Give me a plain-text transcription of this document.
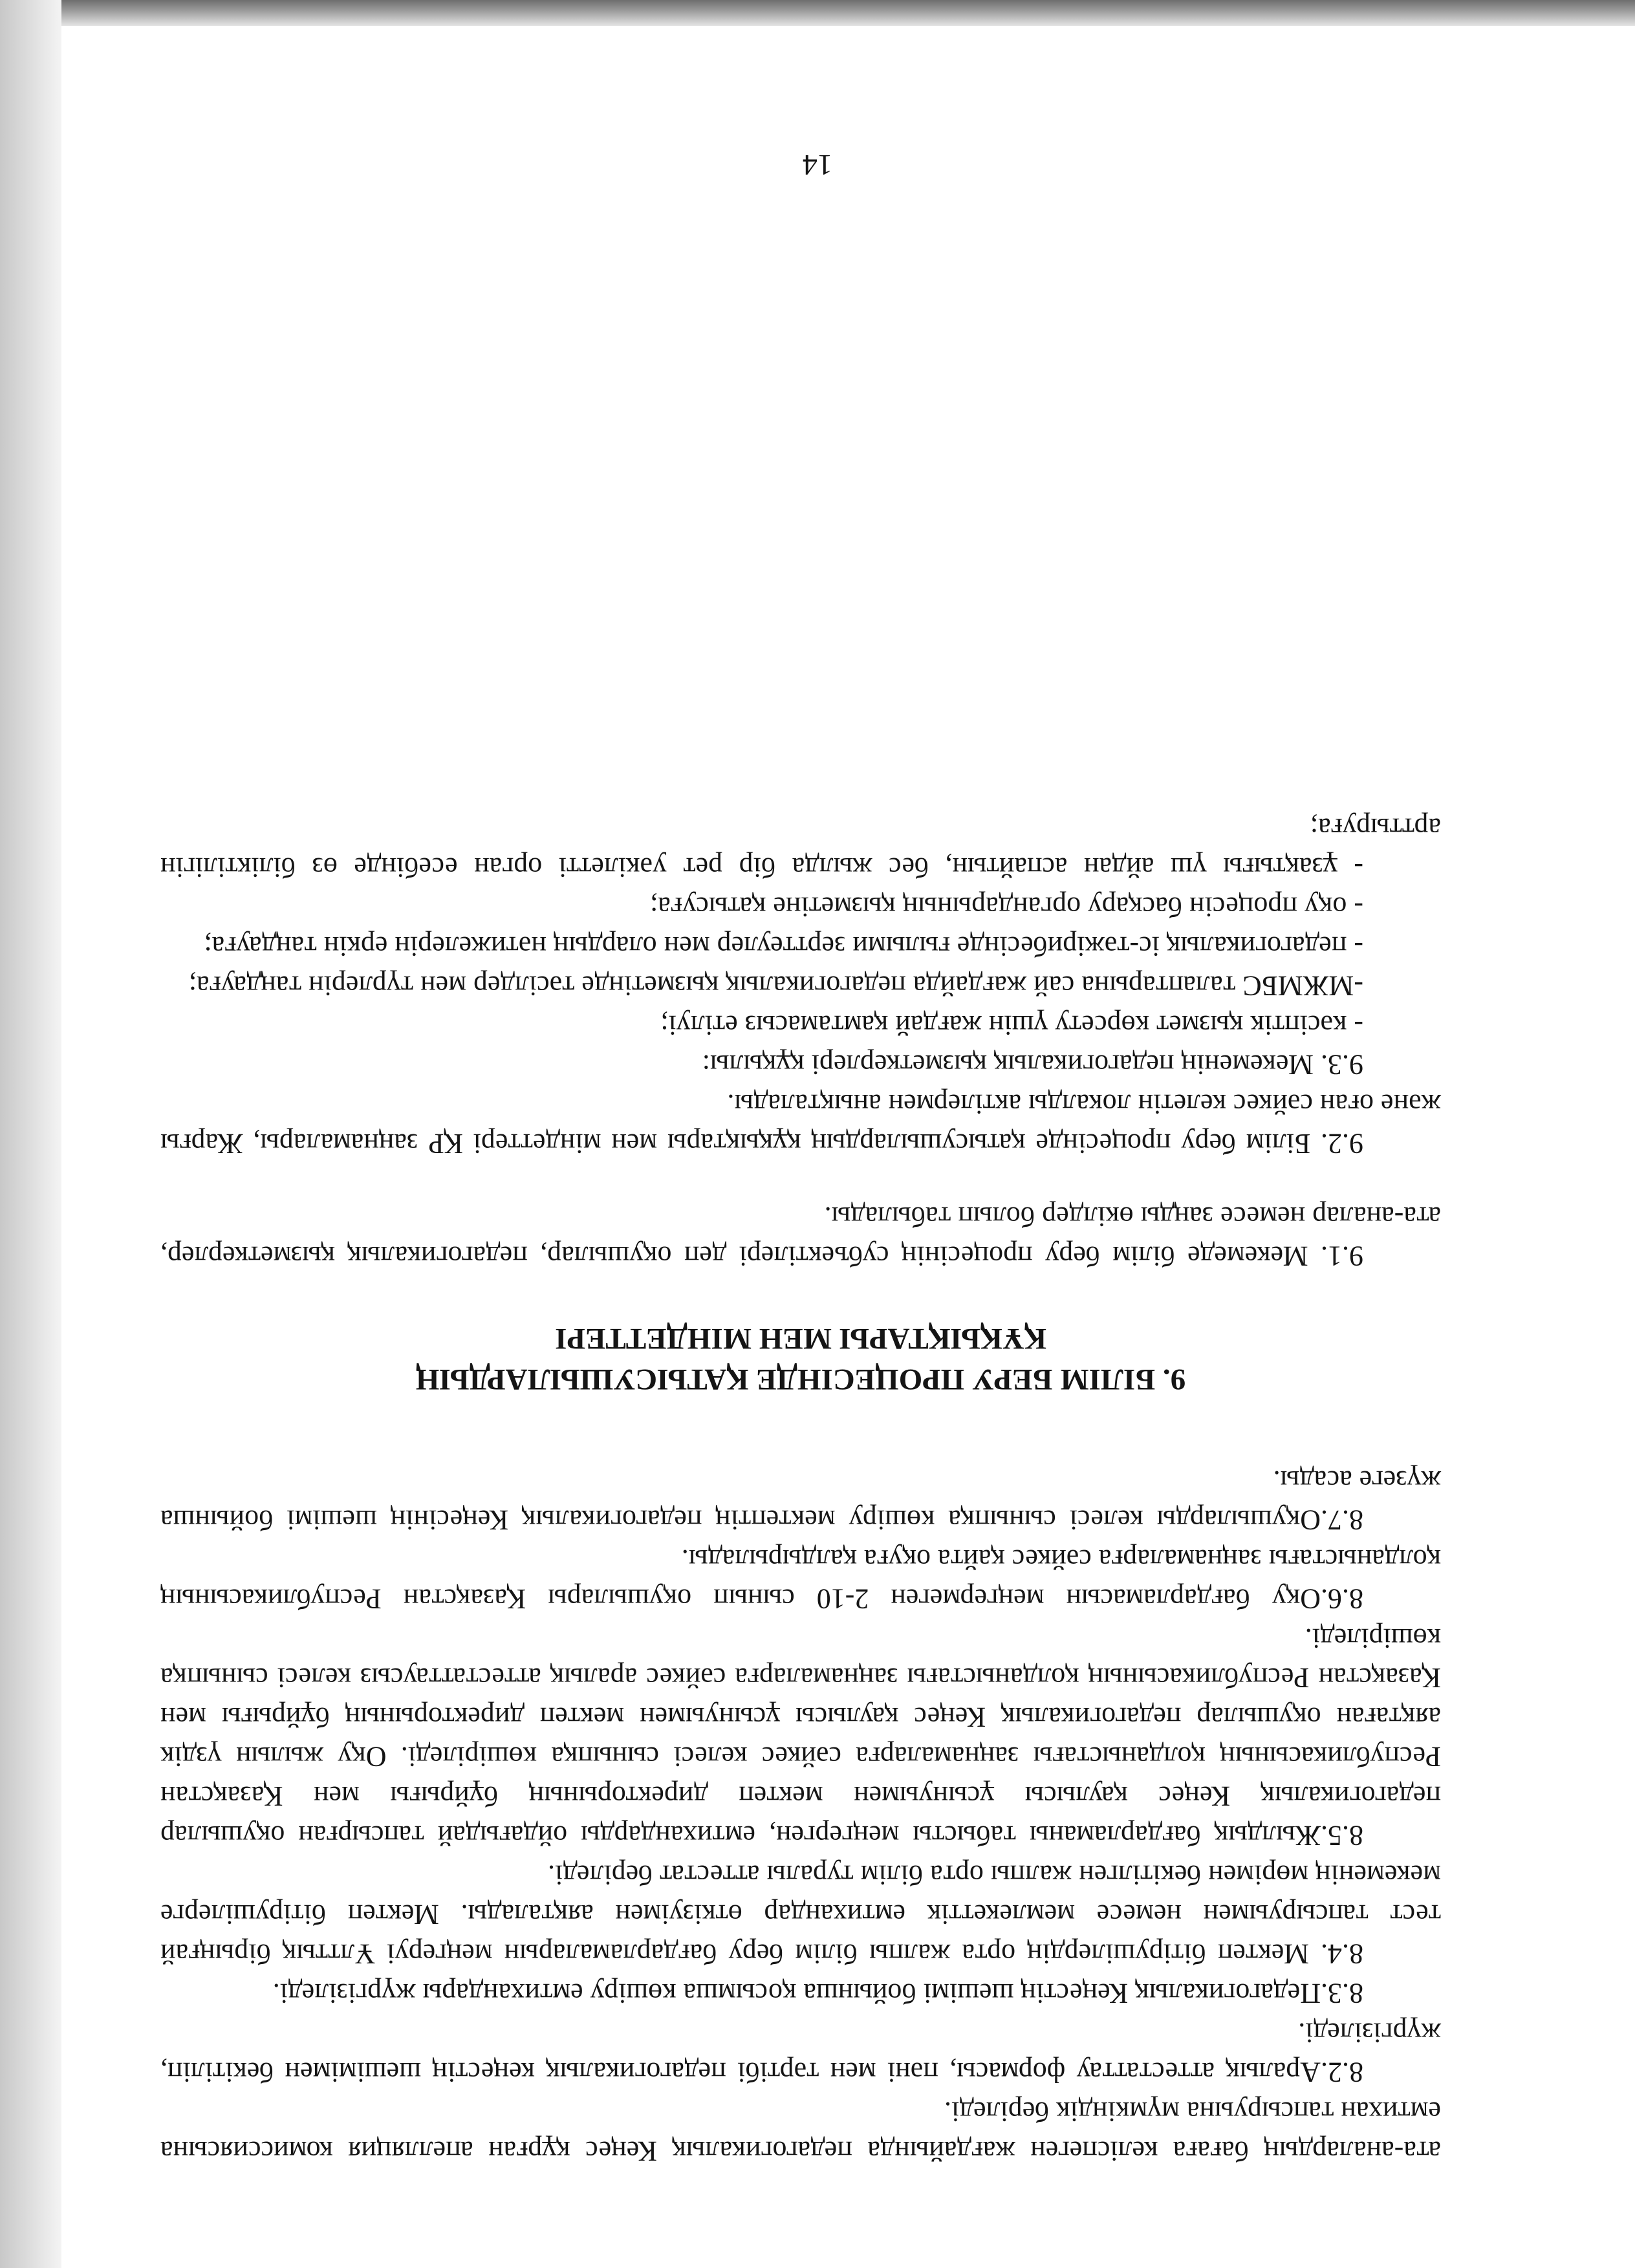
ата-аналардың бағаға келіспеген жағдайында педагогикалық Кеңес құрған апелляция комиссиясына емтихан тапсыруына мүмкіндік беріледі.

8.2.Аралық аттестаттау формасы, пәні мен тәртібі педагогикалық кеңестің шешімімен бекітіліп, жүргізіледі.

8.3.Педагогикалық Кеңестің шешімі бойынша қосымша көшіру емтихандары жүргізіледі.

8.4. Мектеп бітірушілердің орта жалпы білім беру бағдарламаларын меңгеруі Ұлттық бірыңғай тест тапсыруымен немесе мемлекеттік емтихандар өткізуімен аяқталады. Мектеп бітірушілерге мекеменің мөрімен бекітілген жалпы орта білім туралы аттестат беріледі.

8.5.Жылдық бағдарламаны табысты меңгерген, емтихандарды ойдағыдай тапсырған оқушылар педагогикалық Кеңес қаулысы ұсынуымен мектеп директорының бұйрығы мен Қазақстан Республикасының қолданыстағы заңнамаларға сәйкес келесі сыныпқа көшіріледі. Оқу жылын үздік аяқтаған оқушылар педагогикалық Кеңес қаулысы ұсынуымен мектеп директорының бұйрығы мен Қазақстан Республикасының қолданыстағы заңнамаларға сәйкес аралық аттестаттаусыз келесі сыныпқа көшіріледі.

8.6.Оқу бағдарламасын меңгермеген 2-10 сынып оқушылары Қазақстан Республикасының қолданыстағы заңнамаларға сәйкес қайта оқуға қалдырылады.

8.7.Оқушыларды келесі сыныпқа көшіру мектептің педагогикалық Кеңесінің шешімі бойынша жүзеге асады.

9. БІЛІМ БЕРУ ПРОЦЕСІНДЕ ҚАТЫСУШЫЛАРДЫҢ
ҚҰҚЫҚТАРЫ МЕН МІНДЕТТЕРІ

9.1. Мекемеде білім беру процесінің субъектілері деп оқушылар, педагогикалық қызметкерлер, ата-аналар немесе заңды өкілдер болып табылады.

9.2. Білім беру процесінде қатысушылардың құқықтары мен міндеттері ҚР заңнамалары, Жарғы және оған сәйкес келетін локалды актілермен анықталады.

9.3. Мекеменің педагогикалық қызметкерлері құқылы:

- кәсіптік қызмет көрсету үшін жағдай қамтамасыз етілуі;

-МЖМБС талаптарына сай жағдайда педагогикалық қызметінде тәсілдер мен түрлерін таңдауға;

- педагогикалық іс-тәжірибесінде ғылыми зерттеулер мен олардың нәтижелерін еркін таңдауға;

- оқу процесін басқару органдарының қызметіне қатысуға;

- ұзақтығы үш айдан аспайтын, бес жылда бір рет уәкілетті орган есебінде өз біліктілігін арттыруға;

14
